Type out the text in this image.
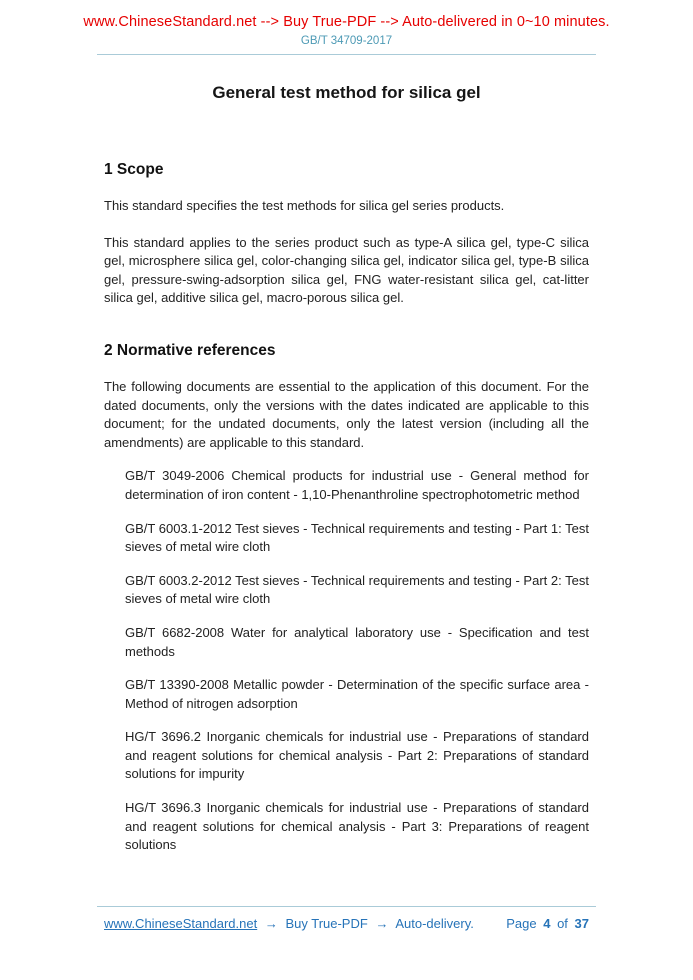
www.ChineseStandard.net --> Buy True-PDF --> Auto-delivered in 0~10 minutes.
GB/T 34709-2017
General test method for silica gel
1 Scope

This standard specifies the test methods for silica gel series products.

This standard applies to the series product such as type-A silica gel, type-C silica gel, microsphere silica gel, color-changing silica gel, indicator silica gel, type-B silica gel, pressure-swing-adsorption silica gel, FNG water-resistant silica gel, cat-litter silica gel, additive silica gel, macro-porous silica gel.

2 Normative references

The following documents are essential to the application of this document. For the dated documents, only the versions with the dates indicated are applicable to this document; for the undated documents, only the latest version (including all the amendments) are applicable to this standard.

GB/T 3049-2006 Chemical products for industrial use - General method for determination of iron content - 1,10-Phenanthroline spectrophotometric method

GB/T 6003.1-2012 Test sieves - Technical requirements and testing - Part 1: Test sieves of metal wire cloth

GB/T 6003.2-2012 Test sieves - Technical requirements and testing - Part 2: Test sieves of metal wire cloth

GB/T 6682-2008 Water for analytical laboratory use - Specification and test methods

GB/T 13390-2008 Metallic powder - Determination of the specific surface area - Method of nitrogen adsorption

HG/T 3696.2 Inorganic chemicals for industrial use - Preparations of standard and reagent solutions for chemical analysis - Part 2: Preparations of standard solutions for impurity

HG/T 3696.3 Inorganic chemicals for industrial use - Preparations of standard and reagent solutions for chemical analysis - Part 3: Preparations of reagent solutions

www.ChineseStandard.net → Buy True-PDF → Auto-delivery.	Page 4 of 37
